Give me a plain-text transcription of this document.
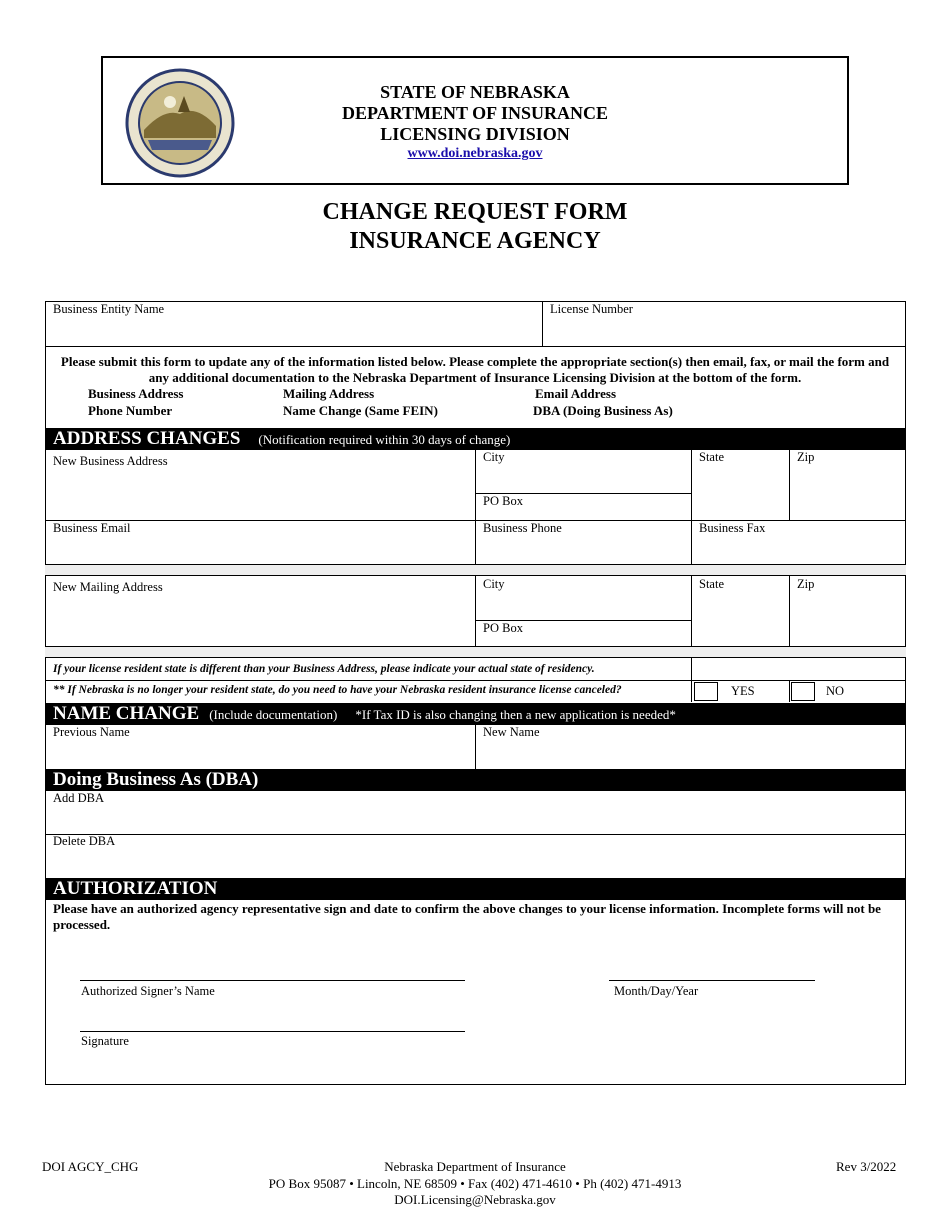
STATE OF NEBRASKA
DEPARTMENT OF INSURANCE
LICENSING DIVISION
www.doi.nebraska.gov
CHANGE REQUEST FORM
INSURANCE AGENCY
Business Entity Name	License Number
Please submit this form to update any of the information listed below. Please complete the appropriate section(s) then email, fax, or mail the form and any additional documentation to the Nebraska Department of Insurance Licensing Division at the bottom of the form.
Business Address	Mailing Address	Email Address
Phone Number	Name Change (Same FEIN)	DBA (Doing Business As)
ADDRESS CHANGES (Notification required within 30 days of change)
New Business Address	City	State	Zip
PO Box
Business Email	Business Phone	Business Fax
New Mailing Address	City	State	Zip
PO Box
If your license resident state is different than your Business Address, please indicate your actual state of residency.
** If Nebraska is no longer your resident state, do you need to have your Nebraska resident insurance license canceled?	YES	NO
NAME CHANGE (Include documentation) *If Tax ID is also changing then a new application is needed*
Previous Name	New Name
Doing Business As (DBA)
Add DBA
Delete DBA
AUTHORIZATION
Please have an authorized agency representative sign and date to confirm the above changes to your license information. Incomplete forms will not be processed.
Authorized Signer’s Name	Month/Day/Year
Signature
DOI AGCY_CHG	Nebraska Department of Insurance
PO Box 95087 • Lincoln, NE 68509 • Fax (402) 471-4610 • Ph (402) 471-4913
DOI.Licensing@Nebraska.gov
Rev 3/2022
